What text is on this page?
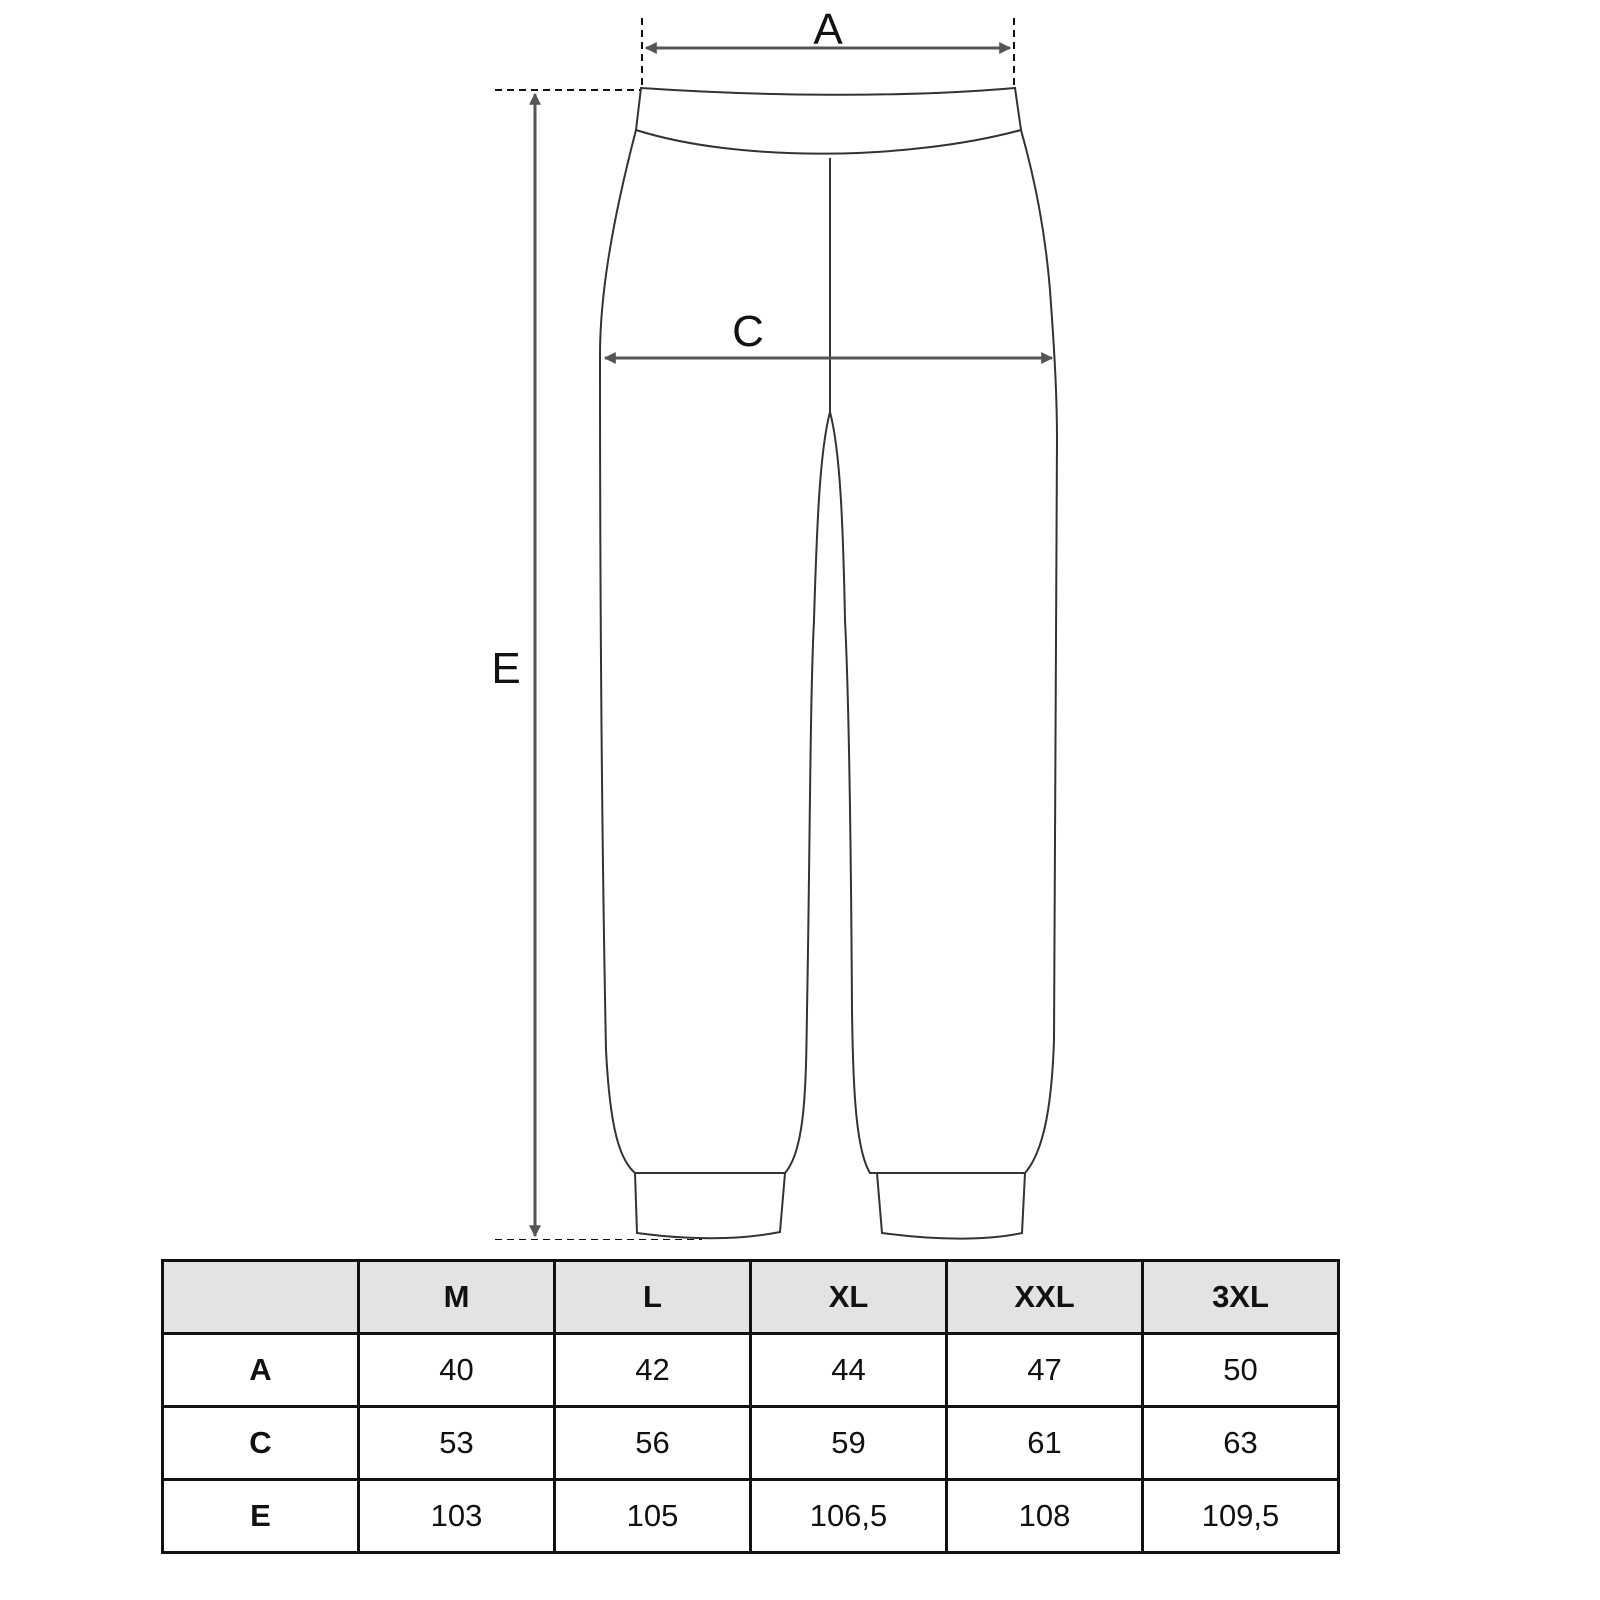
A
C
E
	M	L	XL	XXL	3XL
A	40	42	44	47	50
C	53	56	59	61	63
E	103	105	106,5	108	109,5
